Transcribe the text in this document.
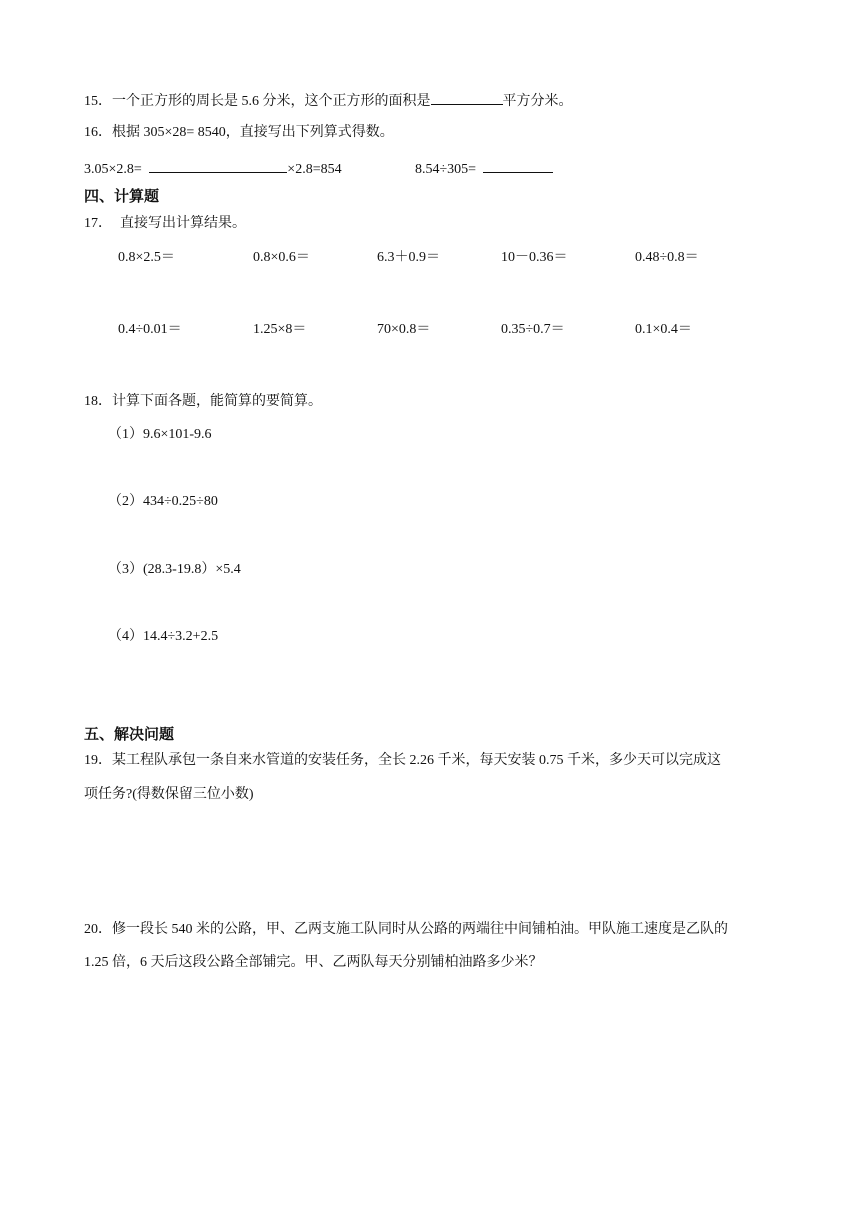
15．一个正方形的周长是 5.6 分米，这个正方形的面积是	平方分米。
16．根据 305×28= 8540，直接写出下列算式得数。
3.05×2.8=	×2.8=854	8.54÷305=
四、计算题
17． 直接写出计算结果。
0.8×2.5＝	0.8×0.6＝	6.3＋0.9＝	10－0.36＝	0.48÷0.8＝
0.4÷0.01＝	1.25×8＝	70×0.8＝	0.35÷0.7＝	0.1×0.4＝
18．计算下面各题，能简算的要简算。
（1）9.6×101-9.6
（2）434÷0.25÷80
（3）(28.3-19.8）×5.4
（4）14.4÷3.2+2.5
五、解决问题
19．某工程队承包一条自来水管道的安装任务，全长 2.26 千米，每天安装 0.75 千米，多少天可以完成这
项任务?(得数保留三位小数)
20．修一段长 540 米的公路，甲、乙两支施工队同时从公路的两端往中间铺柏油。甲队施工速度是乙队的
1.25 倍，6 天后这段公路全部铺完。甲、乙两队每天分别铺柏油路多少米？
